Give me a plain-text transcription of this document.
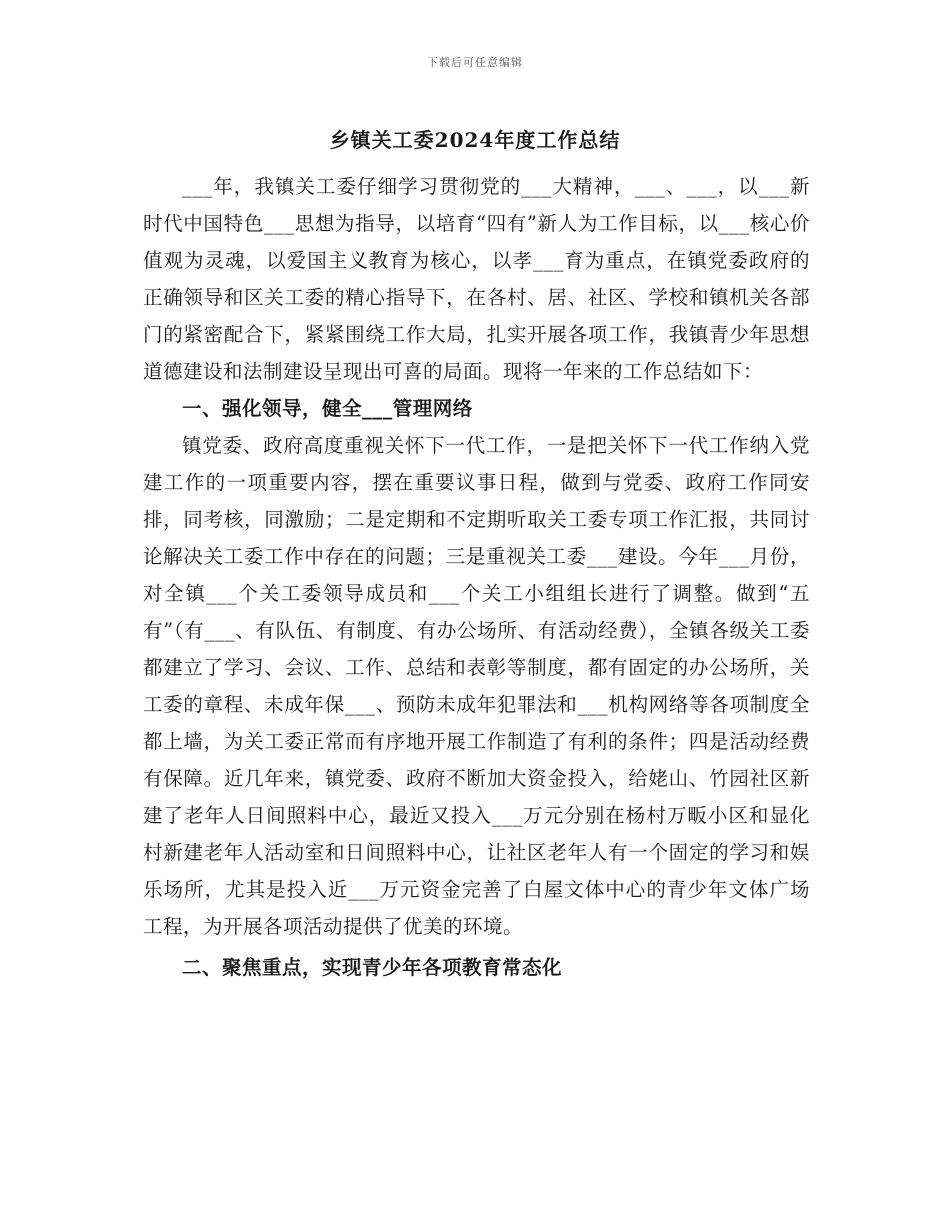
下载后可任意编辑
乡镇关工委2024年度工作总结

___年，我镇关工委仔细学习贯彻党的___大精神，___、___，以___新时代中国特色___思想为指导，以培育“四有”新人为工作目标，以___核心价值观为灵魂，以爱国主义教育为核心，以孝___育为重点，在镇党委政府的正确领导和区关工委的精心指导下，在各村、居、社区、学校和镇机关各部门的紧密配合下，紧紧围绕工作大局，扎实开展各项工作，我镇青少年思想道德建设和法制建设呈现出可喜的局面。现将一年来的工作总结如下：

一、强化领导，健全___管理网络

镇党委、政府高度重视关怀下一代工作，一是把关怀下一代工作纳入党建工作的一项重要内容，摆在重要议事日程，做到与党委、政府工作同安排，同考核，同激励；二是定期和不定期听取关工委专项工作汇报，共同讨论解决关工委工作中存在的问题；三是重视关工委___建设。今年___月份，对全镇___个关工委领导成员和___个关工小组组长进行了调整。做到“五有”（有___、有队伍、有制度、有办公场所、有活动经费），全镇各级关工委都建立了学习、会议、工作、总结和表彰等制度，都有固定的办公场所，关工委的章程、未成年保___、预防未成年犯罪法和___机构网络等各项制度全都上墙，为关工委正常而有序地开展工作制造了有利的条件；四是活动经费有保障。近几年来，镇党委、政府不断加大资金投入，给姥山、竹园社区新建了老年人日间照料中心，最近又投入___万元分别在杨村万畈小区和显化村新建老年人活动室和日间照料中心，让社区老年人有一个固定的学习和娱乐场所，尤其是投入近___万元资金完善了白屋文体中心的青少年文体广场工程，为开展各项活动提供了优美的环境。

二、聚焦重点，实现青少年各项教育常态化
